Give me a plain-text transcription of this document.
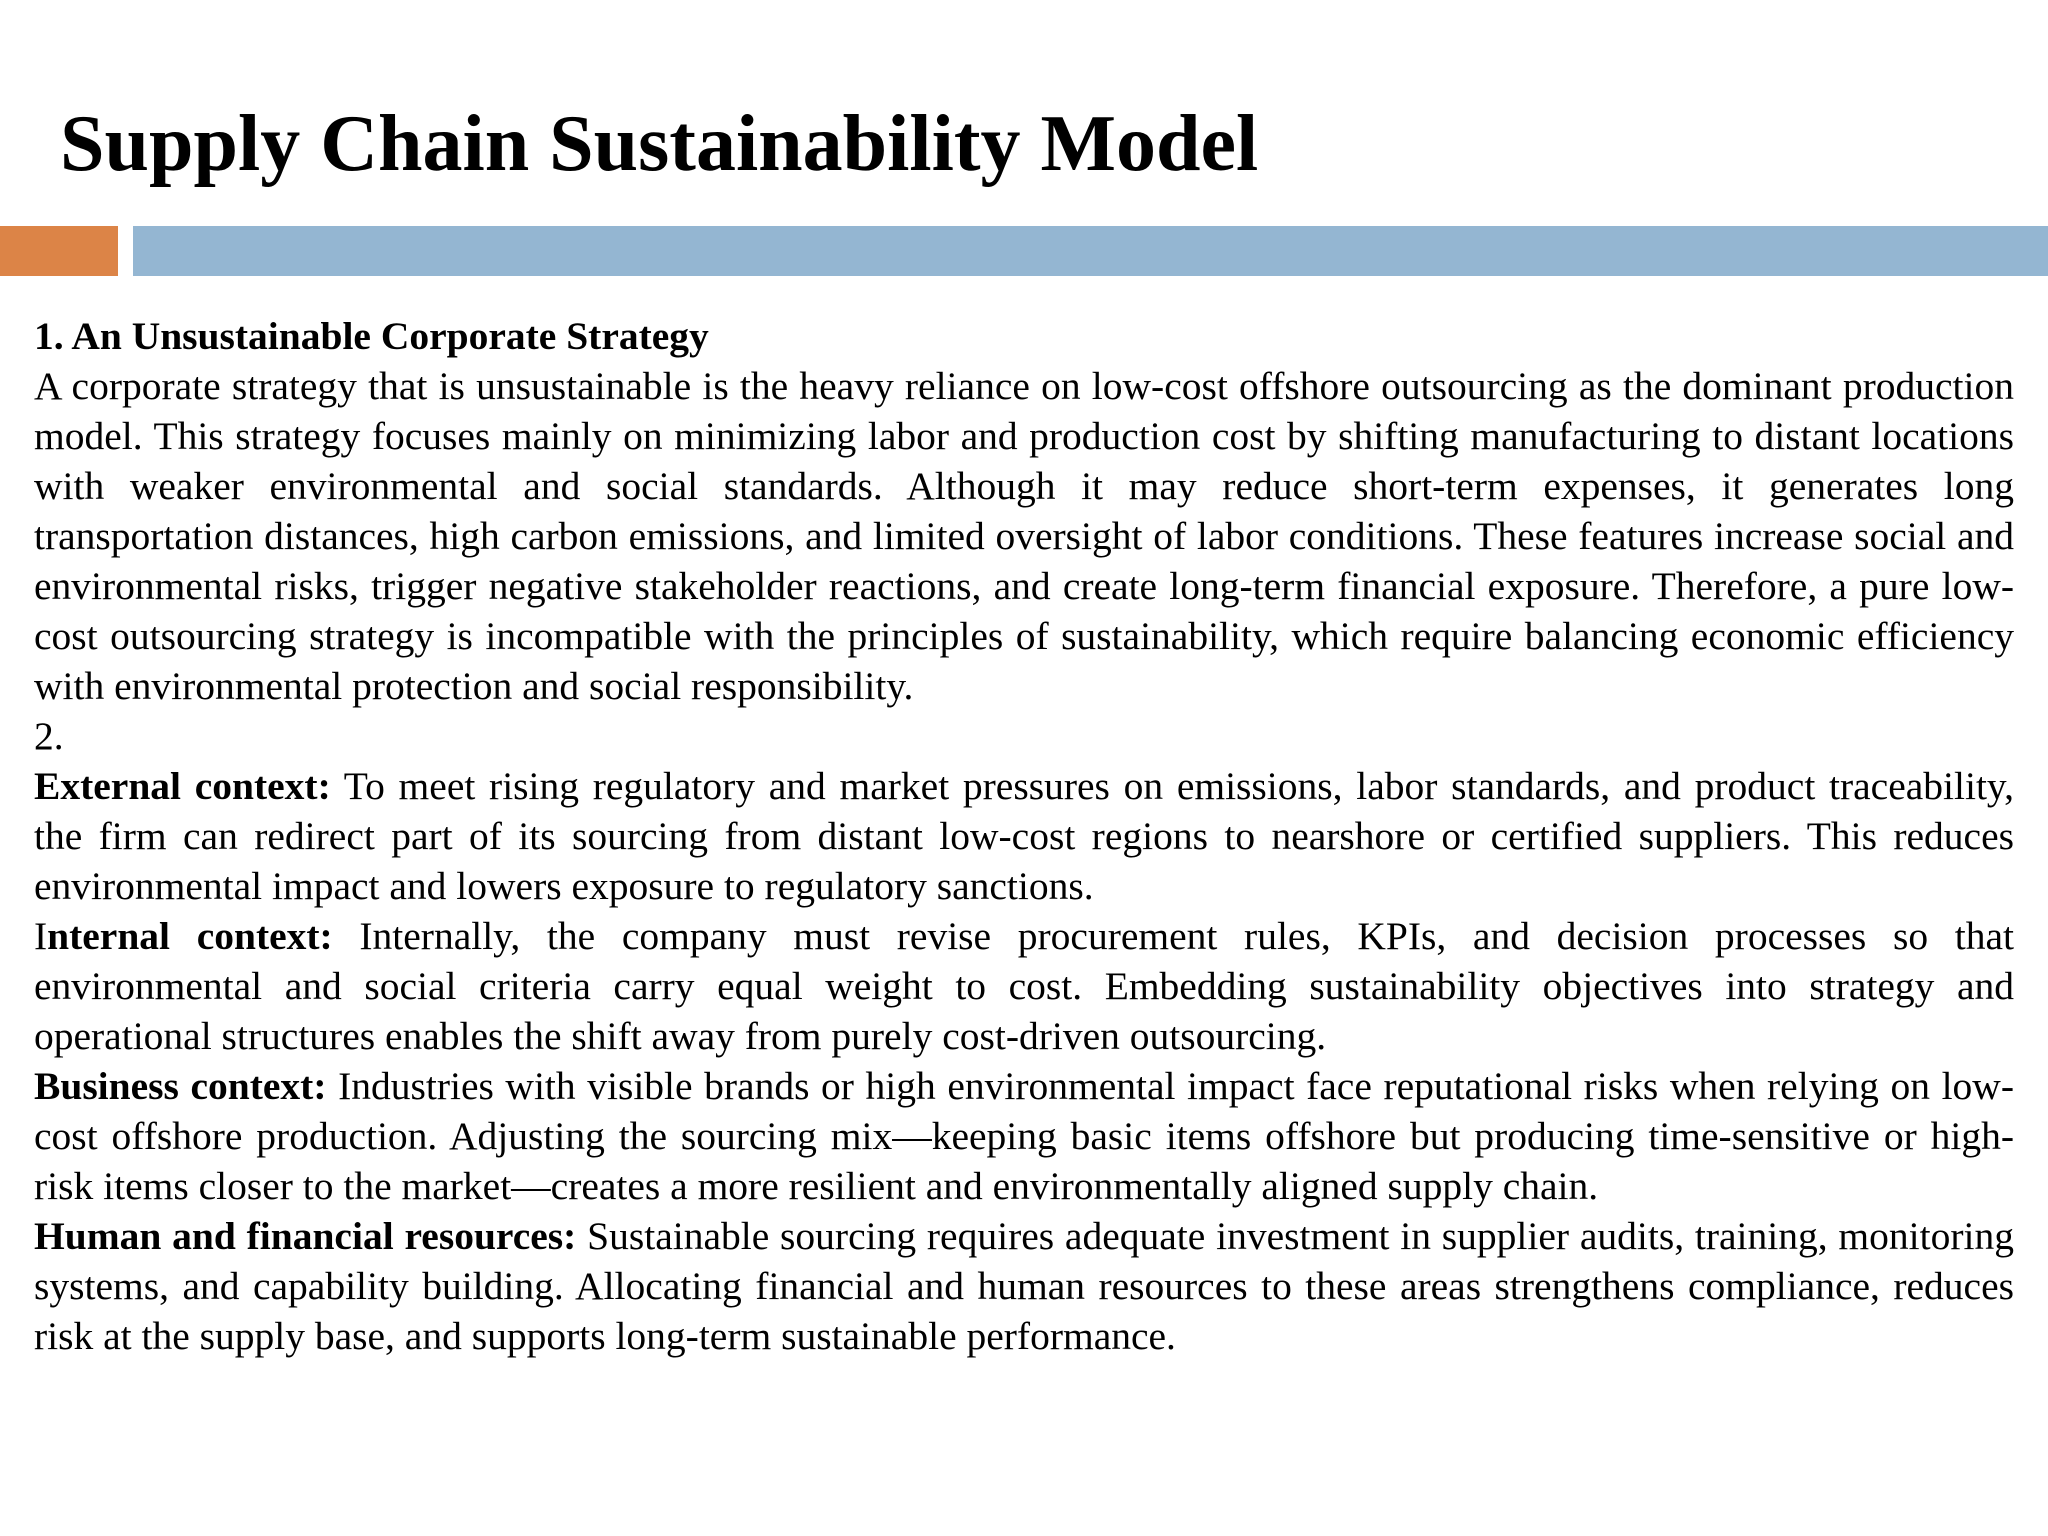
Supply Chain Sustainability Model

1. An Unsustainable Corporate Strategy

A corporate strategy that is unsustainable is the heavy reliance on low-cost offshore outsourcing as the dominant production model. This strategy focuses mainly on minimizing labor and production cost by shifting manufacturing to distant locations with weaker environmental and social standards. Although it may reduce short-term expenses, it generates long transportation distances, high carbon emissions, and limited oversight of labor conditions. These features increase social and environmental risks, trigger negative stakeholder reactions, and create long-term financial exposure. Therefore, a pure low-cost outsourcing strategy is incompatible with the principles of sustainability, which require balancing economic efficiency with environmental protection and social responsibility.

2.

External context: To meet rising regulatory and market pressures on emissions, labor standards, and product traceability, the firm can redirect part of its sourcing from distant low-cost regions to nearshore or certified suppliers. This reduces environmental impact and lowers exposure to regulatory sanctions.

Internal context: Internally, the company must revise procurement rules, KPIs, and decision processes so that environmental and social criteria carry equal weight to cost. Embedding sustainability objectives into strategy and operational structures enables the shift away from purely cost-driven outsourcing.

Business context: Industries with visible brands or high environmental impact face reputational risks when relying on low-cost offshore production. Adjusting the sourcing mix—keeping basic items offshore but producing time-sensitive or high-risk items closer to the market—creates a more resilient and environmentally aligned supply chain.

Human and financial resources: Sustainable sourcing requires adequate investment in supplier audits, training, monitoring systems, and capability building. Allocating financial and human resources to these areas strengthens compliance, reduces risk at the supply base, and supports long-term sustainable performance.
